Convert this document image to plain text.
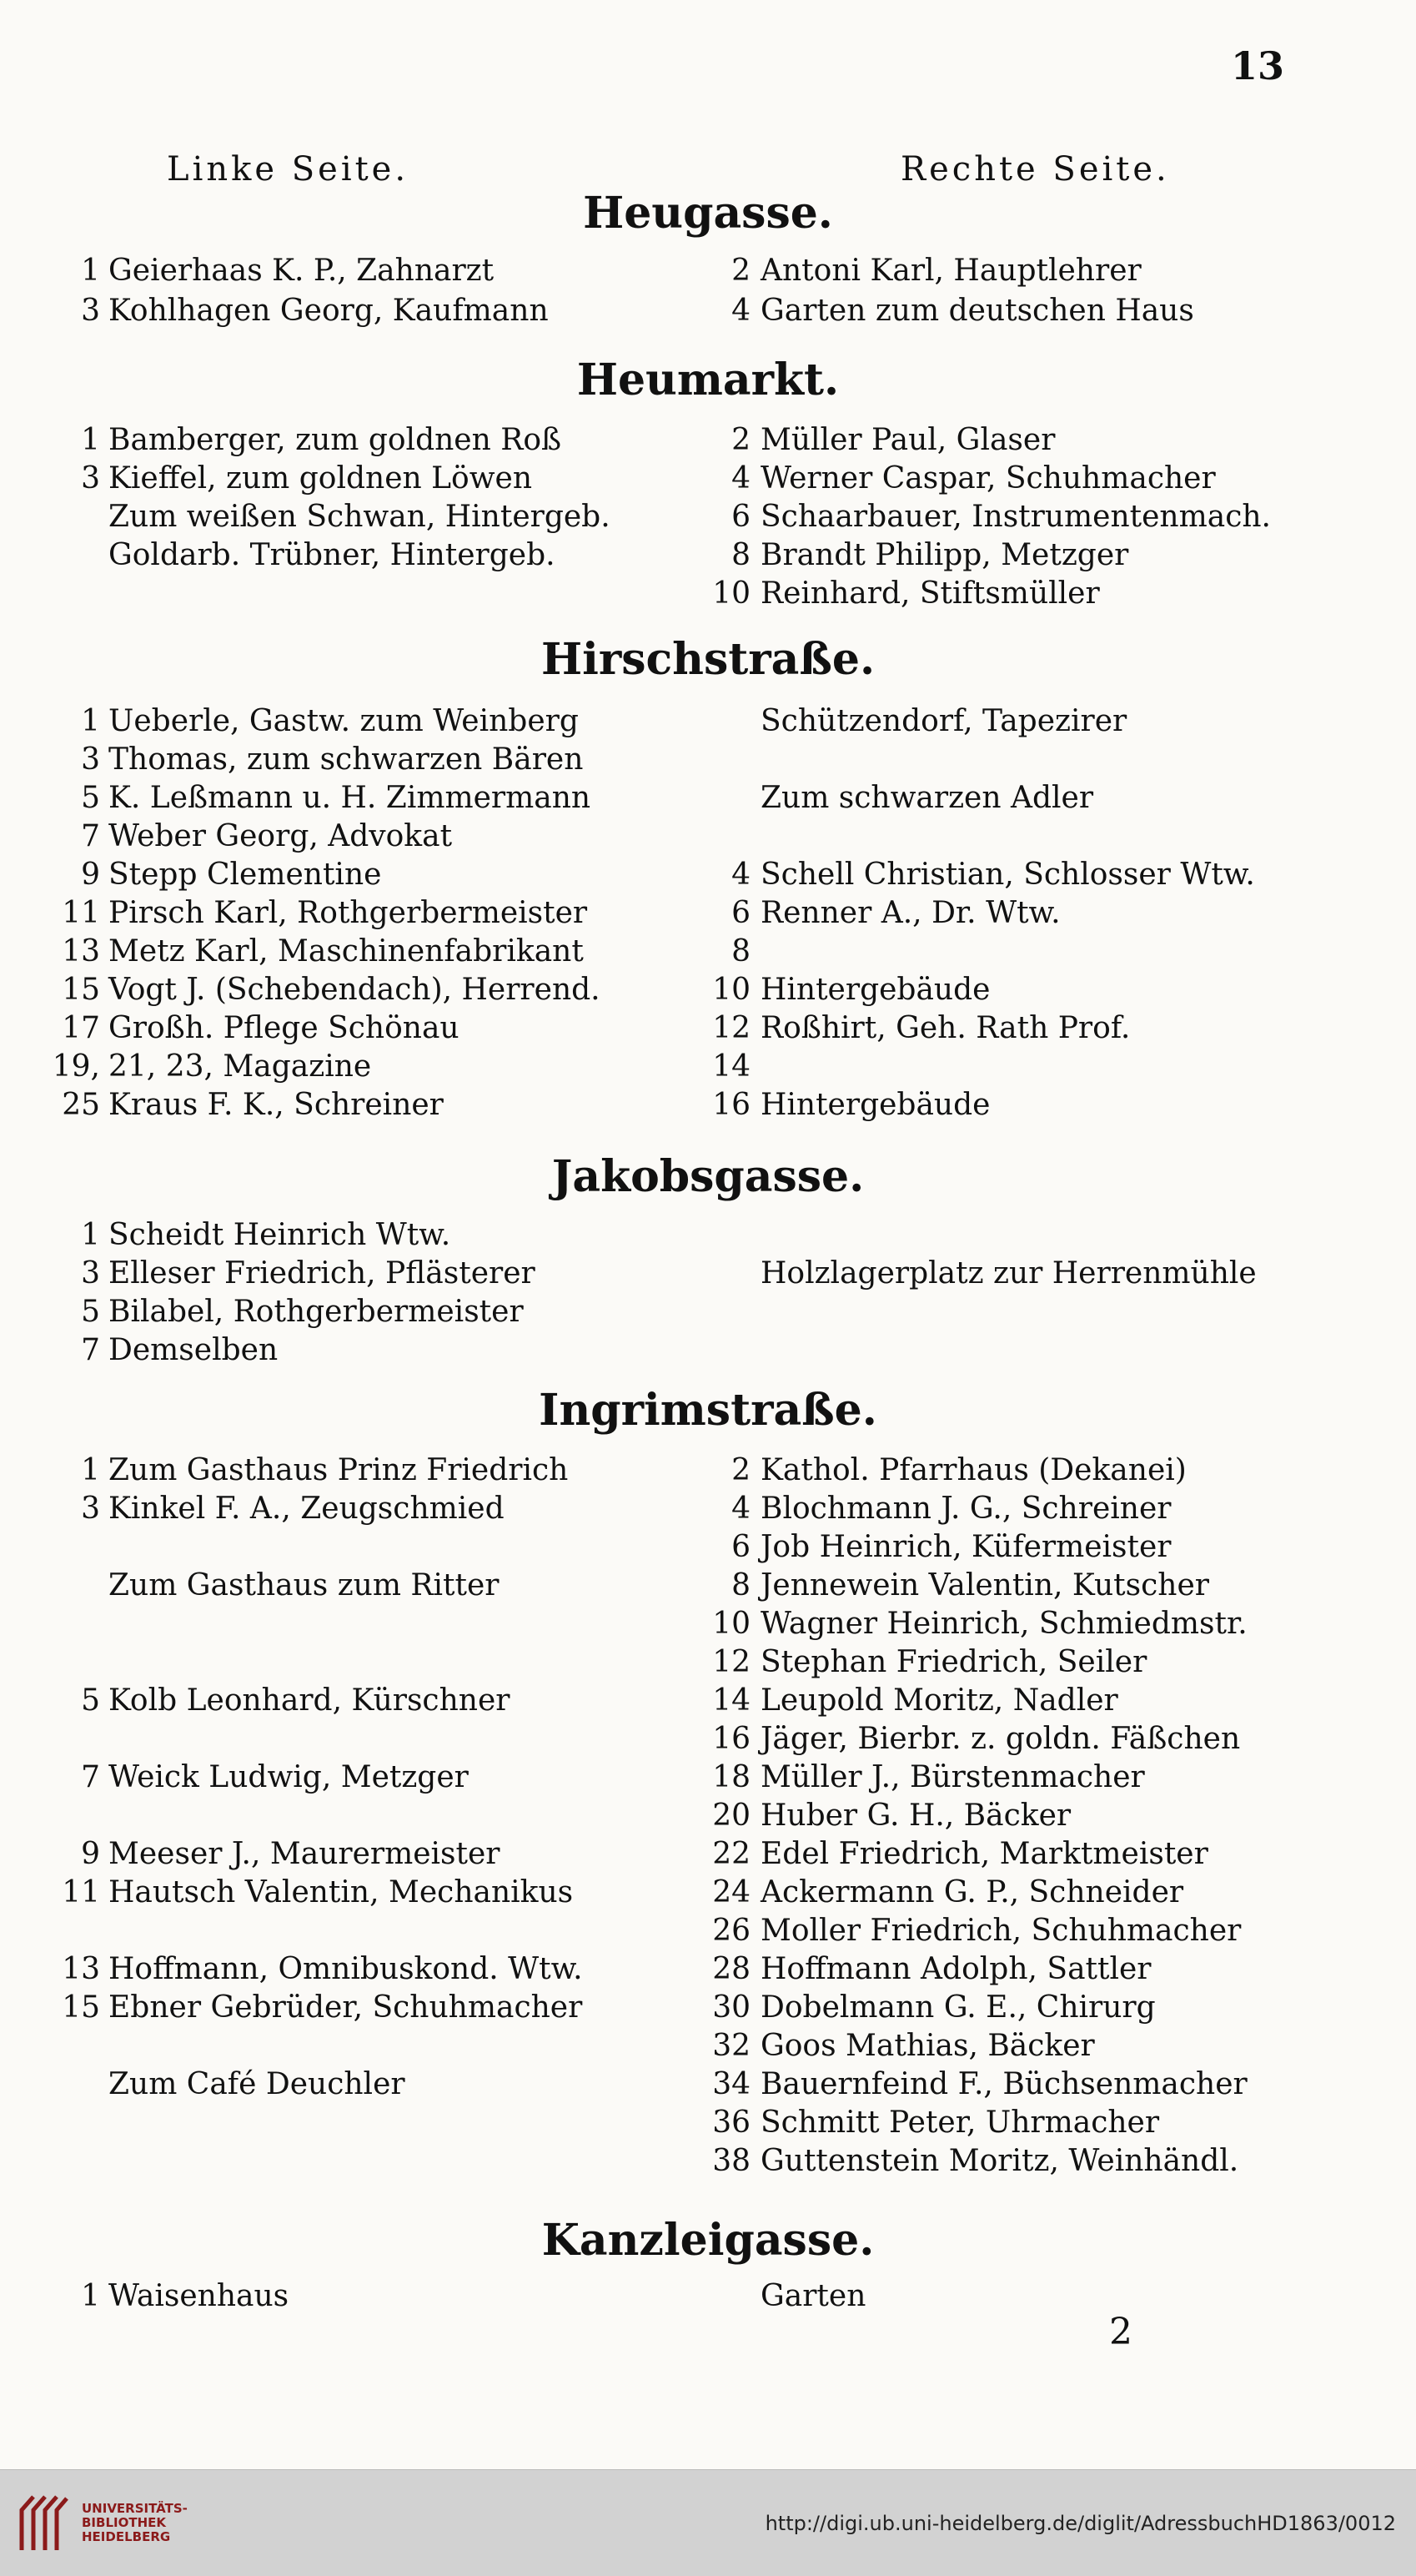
13
Linke Seite.	Rechte Seite.
Heugasse.
Heumarkt.
Hirschstraße.
Jakobsgasse.
Ingrimstraße.
Kanzleigasse.
1 Geierhaas K. P., Zahnarzt	2 Antoni Karl, Hauptlehrer
3 Kohlhagen Georg, Kaufmann	4 Garten zum deutschen Haus
1 Bamberger, zum goldnen Roß	2 Müller Paul, Glaser
3 Kieffel, zum goldnen Löwen	4 Werner Caspar, Schuhmacher
Zum weißen Schwan, Hintergeb.	6 Schaarbauer, Instrumentenmach.
Goldarb. Trübner, Hintergeb.	8 Brandt Philipp, Metzger
10 Reinhard, Stiftsmüller
1 Ueberle, Gastw. zum Weinberg	Schützendorf, Tapezirer
3 Thomas, zum schwarzen Bären
5 K. Leßmann u. H. Zimmermann	Zum schwarzen Adler
7 Weber Georg, Advokat
9 Stepp Clementine	4 Schell Christian, Schlosser Wtw.
11 Pirsch Karl, Rothgerbermeister	6 Renner A., Dr. Wtw.
13 Metz Karl, Maschinenfabrikant	8
15 Vogt J. (Schebendach), Herrend.	10 Hintergebäude
17 Großh. Pflege Schönau	12 Roßhirt, Geh. Rath Prof.
19, 21, 23, Magazine	14
25 Kraus F. K., Schreiner	16 Hintergebäude
1 Scheidt Heinrich Wtw.
3 Elleser Friedrich, Pflästerer	Holzlagerplatz zur Herrenmühle
5 Bilabel, Rothgerbermeister
7 Demselben
1 Zum Gasthaus Prinz Friedrich	2 Kathol. Pfarrhaus (Dekanei)
3 Kinkel F. A., Zeugschmied	4 Blochmann J. G., Schreiner
6 Job Heinrich, Küfermeister
Zum Gasthaus zum Ritter	8 Jennewein Valentin, Kutscher
10 Wagner Heinrich, Schmiedmstr.
12 Stephan Friedrich, Seiler
5 Kolb Leonhard, Kürschner	14 Leupold Moritz, Nadler
16 Jäger, Bierbr. z. goldn. Fäßchen
7 Weick Ludwig, Metzger	18 Müller J., Bürstenmacher
20 Huber G. H., Bäcker
9 Meeser J., Maurermeister	22 Edel Friedrich, Marktmeister
11 Hautsch Valentin, Mechanikus	24 Ackermann G. P., Schneider
26 Moller Friedrich, Schuhmacher
13 Hoffmann, Omnibuskond. Wtw.	28 Hoffmann Adolph, Sattler
15 Ebner Gebrüder, Schuhmacher	30 Dobelmann G. E., Chirurg
32 Goos Mathias, Bäcker
Zum Café Deuchler	34 Bauernfeind F., Büchsenmacher
36 Schmitt Peter, Uhrmacher
38 Guttenstein Moritz, Weinhändl.
1 Waisenhaus	Garten
2
UNIVERSITÄTS-
BIBLIOTHEK
HEIDELBERG
http://digi.ub.uni-heidelberg.de/diglit/AdressbuchHD1863/0012
